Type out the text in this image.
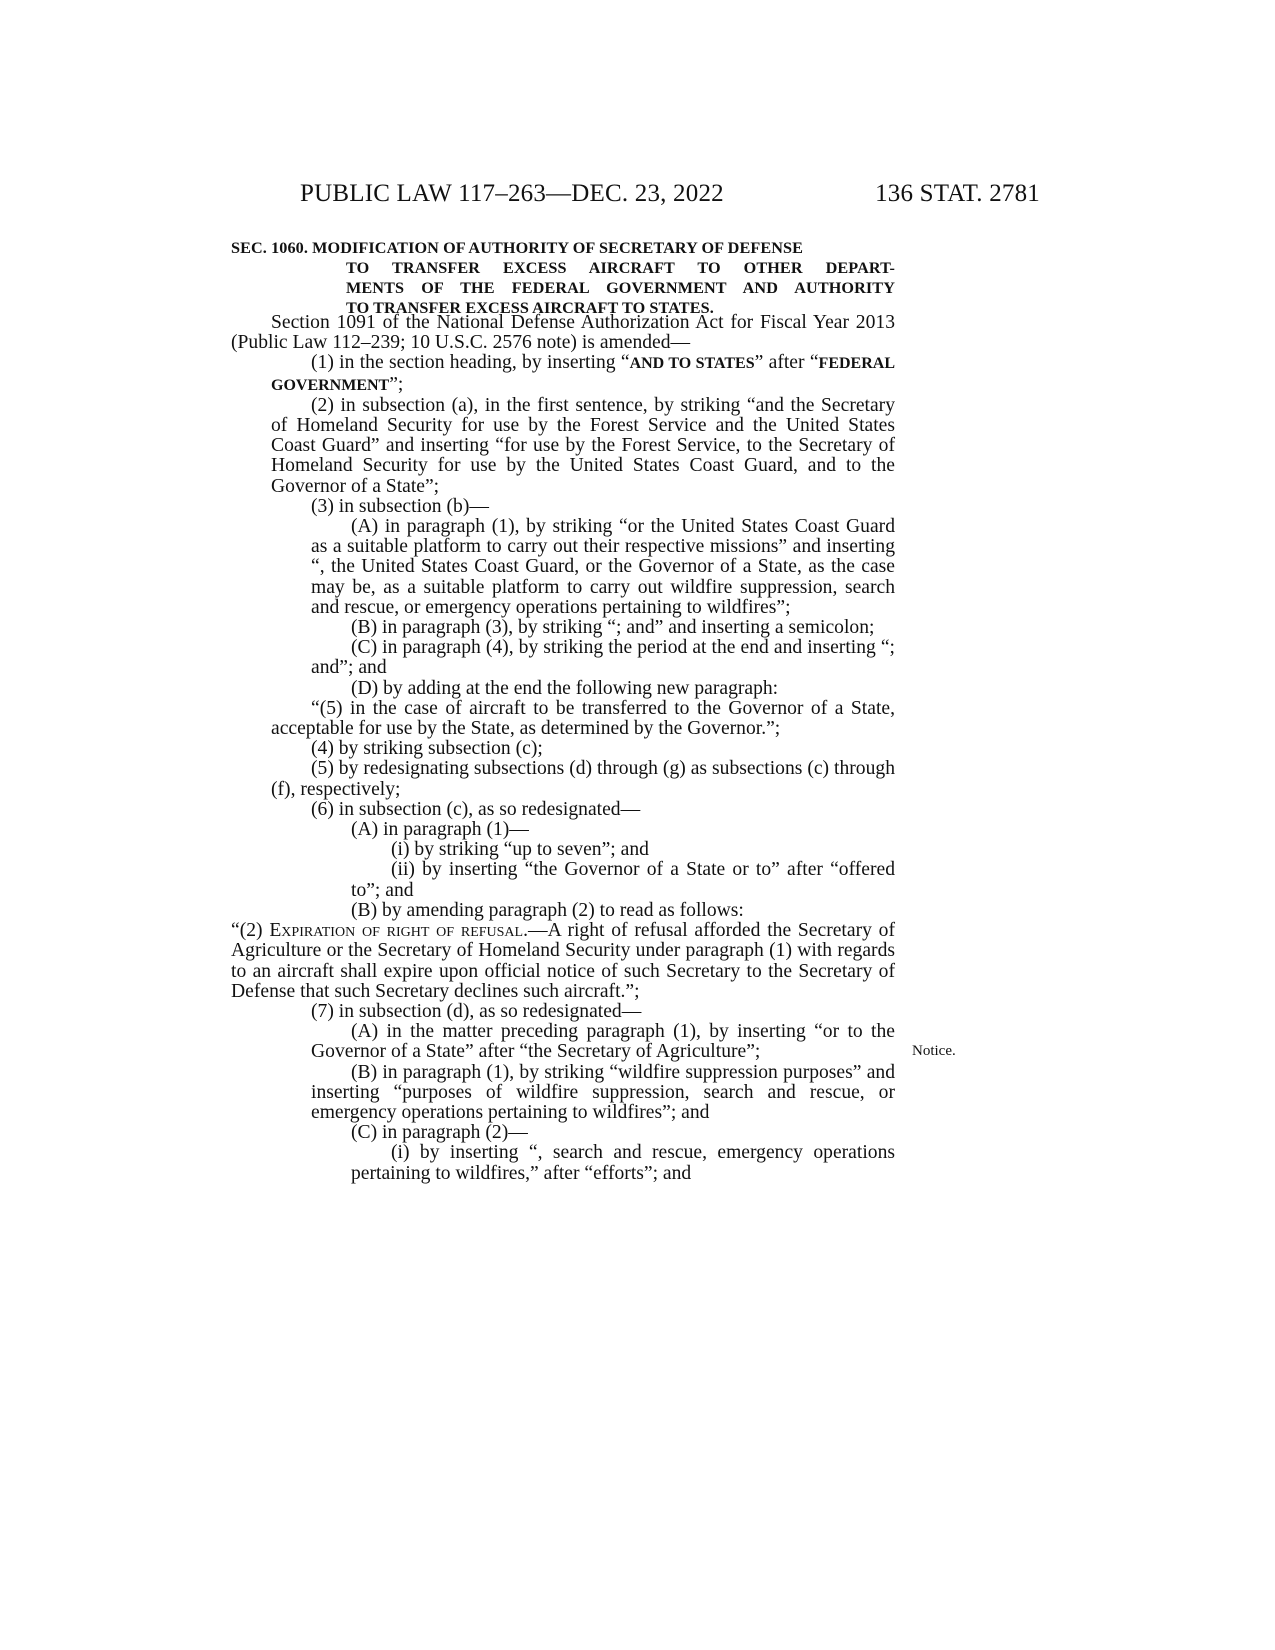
PUBLIC LAW 117–263—DEC. 23, 2022	136 STAT. 2781
SEC. 1060. MODIFICATION OF AUTHORITY OF SECRETARY OF DEFENSE
TO TRANSFER EXCESS AIRCRAFT TO OTHER DEPART-
MENTS OF THE FEDERAL GOVERNMENT AND AUTHORITY
TO TRANSFER EXCESS AIRCRAFT TO STATES.

Section 1091 of the National Defense Authorization Act for Fiscal Year 2013 (Public Law 112–239; 10 U.S.C. 2576 note) is amended—

(1) in the section heading, by inserting “AND TO STATES” after “FEDERAL GOVERNMENT”;

(2) in subsection (a), in the first sentence, by striking “and the Secretary of Homeland Security for use by the Forest Service and the United States Coast Guard” and inserting “for use by the Forest Service, to the Secretary of Homeland Security for use by the United States Coast Guard, and to the Governor of a State”;

(3) in subsection (b)—

(A) in paragraph (1), by striking “or the United States Coast Guard as a suitable platform to carry out their respective missions” and inserting “, the United States Coast Guard, or the Governor of a State, as the case may be, as a suitable platform to carry out wildfire suppression, search and rescue, or emergency operations pertaining to wildfires”;

(B) in paragraph (3), by striking “; and” and inserting a semicolon;

(C) in paragraph (4), by striking the period at the end and inserting “; and”; and

(D) by adding at the end the following new paragraph:

“(5) in the case of aircraft to be transferred to the Governor of a State, acceptable for use by the State, as determined by the Governor.”;

(4) by striking subsection (c);

(5) by redesignating subsections (d) through (g) as subsections (c) through (f), respectively;

(6) in subsection (c), as so redesignated—

(A) in paragraph (1)—

(i) by striking “up to seven”; and

(ii) by inserting “the Governor of a State or to” after “offered to”; and

(B) by amending paragraph (2) to read as follows:

“(2) Expiration of right of refusal.—A right of refusal afforded the Secretary of Agriculture or the Secretary of Homeland Security under paragraph (1) with regards to an aircraft shall expire upon official notice of such Secretary to the Secretary of Defense that such Secretary declines such aircraft.”;

(7) in subsection (d), as so redesignated—

(A) in the matter preceding paragraph (1), by inserting “or to the Governor of a State” after “the Secretary of Agriculture”;

(B) in paragraph (1), by striking “wildfire suppression purposes” and inserting “purposes of wildfire suppression, search and rescue, or emergency operations pertaining to wildfires”; and

(C) in paragraph (2)—

(i) by inserting “, search and rescue, emergency operations pertaining to wildfires,” after “efforts”; and

Notice.
